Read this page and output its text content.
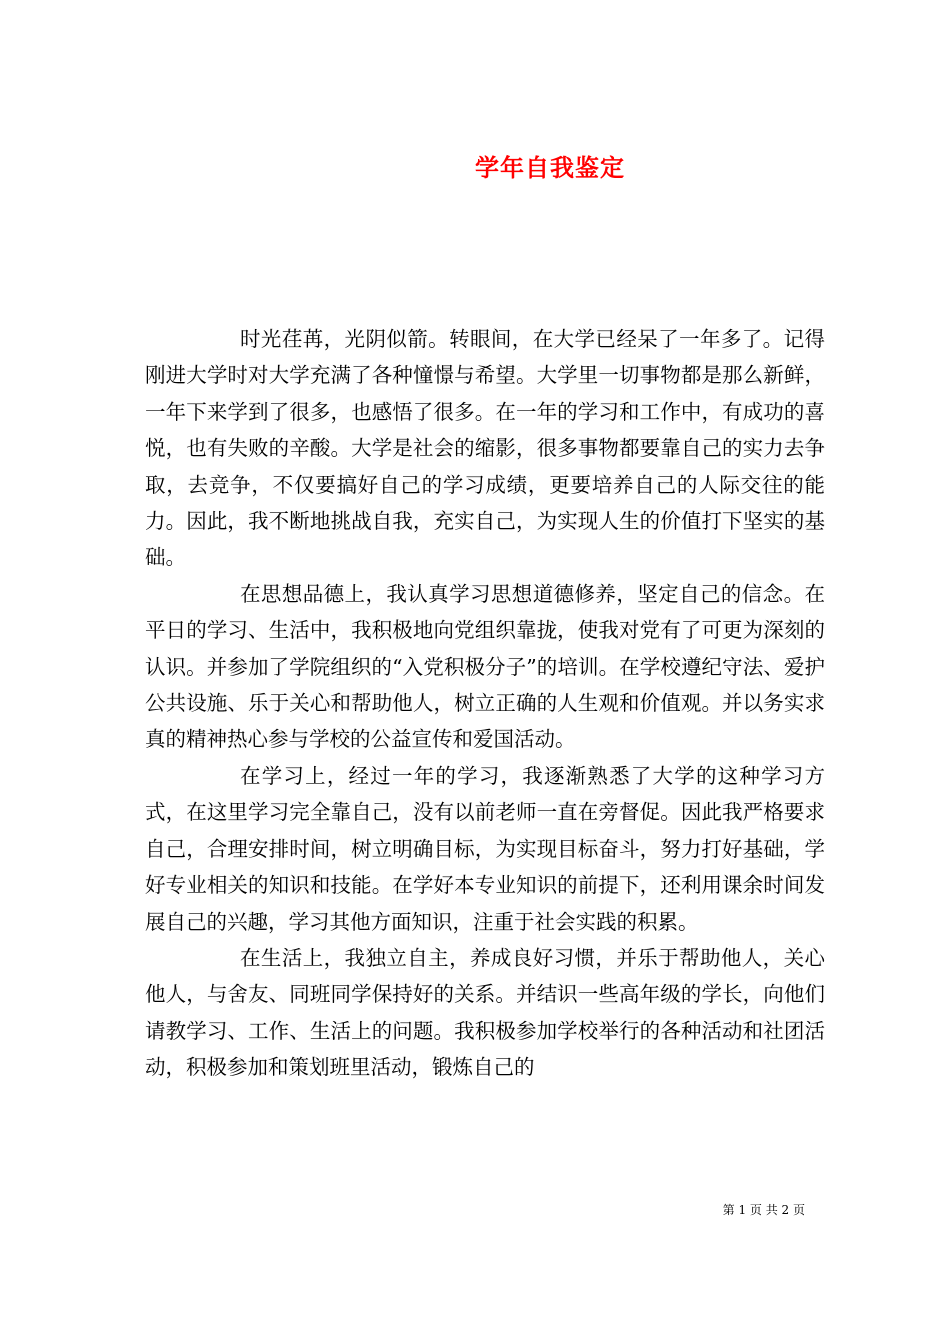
学年自我鉴定

时光荏苒，光阴似箭。转眼间，在大学已经呆了一年多了。记得刚进大学时对大学充满了各种憧憬与希望。大学里一切事物都是那么新鲜，一年下来学到了很多，也感悟了很多。在一年的学习和工作中，有成功的喜悦，也有失败的辛酸。大学是社会的缩影，很多事物都要靠自己的实力去争取，去竞争，不仅要搞好自己的学习成绩，更要培养自己的人际交往的能力。因此，我不断地挑战自我，充实自己，为实现人生的价值打下坚实的基础。

在思想品德上，我认真学习思想道德修养，坚定自己的信念。在平日的学习、生活中，我积极地向党组织靠拢，使我对党有了可更为深刻的认识。并参加了学院组织的“入党积极分子”的培训。在学校遵纪守法、爱护公共设施、乐于关心和帮助他人，树立正确的人生观和价值观。并以务实求真的精神热心参与学校的公益宣传和爱国活动。

在学习上，经过一年的学习，我逐渐熟悉了大学的这种学习方式，在这里学习完全靠自己，没有以前老师一直在旁督促。因此我严格要求自己，合理安排时间，树立明确目标，为实现目标奋斗，努力打好基础，学好专业相关的知识和技能。在学好本专业知识的前提下，还利用课余时间发展自己的兴趣，学习其他方面知识，注重于社会实践的积累。

在生活上，我独立自主，养成良好习惯，并乐于帮助他人，关心他人，与舍友、同班同学保持好的关系。并结识一些高年级的学长，向他们请教学习、工作、生活上的问题。我积极参加学校举行的各种活动和社团活动，积极参加和策划班里活动，锻炼自己的

第 1 页 共 2 页
